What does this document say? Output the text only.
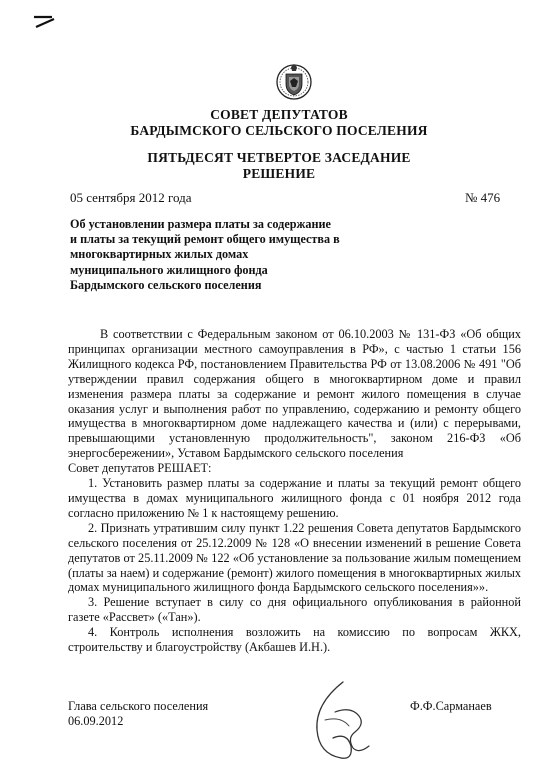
СОВЕТ ДЕПУТАТОВ
БАРДЫМСКОГО СЕЛЬСКОГО ПОСЕЛЕНИЯ
ПЯТЬДЕСЯТ ЧЕТВЕРТОЕ ЗАСЕДАНИЕ
РЕШЕНИЕ
05 сентября 2012 года	№ 476
Об установлении размера платы за содержание и платы за текущий ремонт общего имущества в многоквартирных жилых домах муниципального жилищного фонда Бардымского сельского поселения

В соответствии с Федеральным законом от 06.10.2003 № 131-ФЗ «Об общих принципах организации местного самоуправления в РФ», с частью 1 статьи 156 Жилищного кодекса РФ, постановлением Правительства РФ от 13.08.2006 № 491 "Об утверждении правил содержания общего в многоквартирном доме и правил изменения размера платы за содержание и ремонт жилого помещения в случае оказания услуг и выполнения работ по управлению, содержанию и ремонту общего имущества в многоквартирном доме надлежащего качества и (или) с перерывами, превышающими установленную продолжительность", законом 216-ФЗ «Об энергосбережении», Уставом Бардымского сельского поселения

Совет депутатов РЕШАЕТ:

1. Установить размер платы за содержание и платы за текущий ремонт общего имущества в домах муниципального жилищного фонда с 01 ноября 2012 года согласно приложению № 1 к настоящему решению.

2. Признать утратившим силу пункт 1.22 решения Совета депутатов Бардымского сельского поселения от 25.12.2009 № 128 «О внесении изменений в решение Совета депутатов от 25.11.2009 № 122 «Об установление за пользование жилым помещением (платы за наем) и содержание (ремонт) жилого помещения в многоквартирных жилых домах муниципального жилищного фонда Бардымского сельского поселения»».

3. Решение вступает в силу со дня официального опубликования в районной газете «Рассвет» («Тан»).

4. Контроль исполнения возложить на комиссию по вопросам ЖКХ, строительству и благоустройству (Акбашев И.Н.).

Глава сельского поселения
06.09.2012
Ф.Ф.Сарманаев
